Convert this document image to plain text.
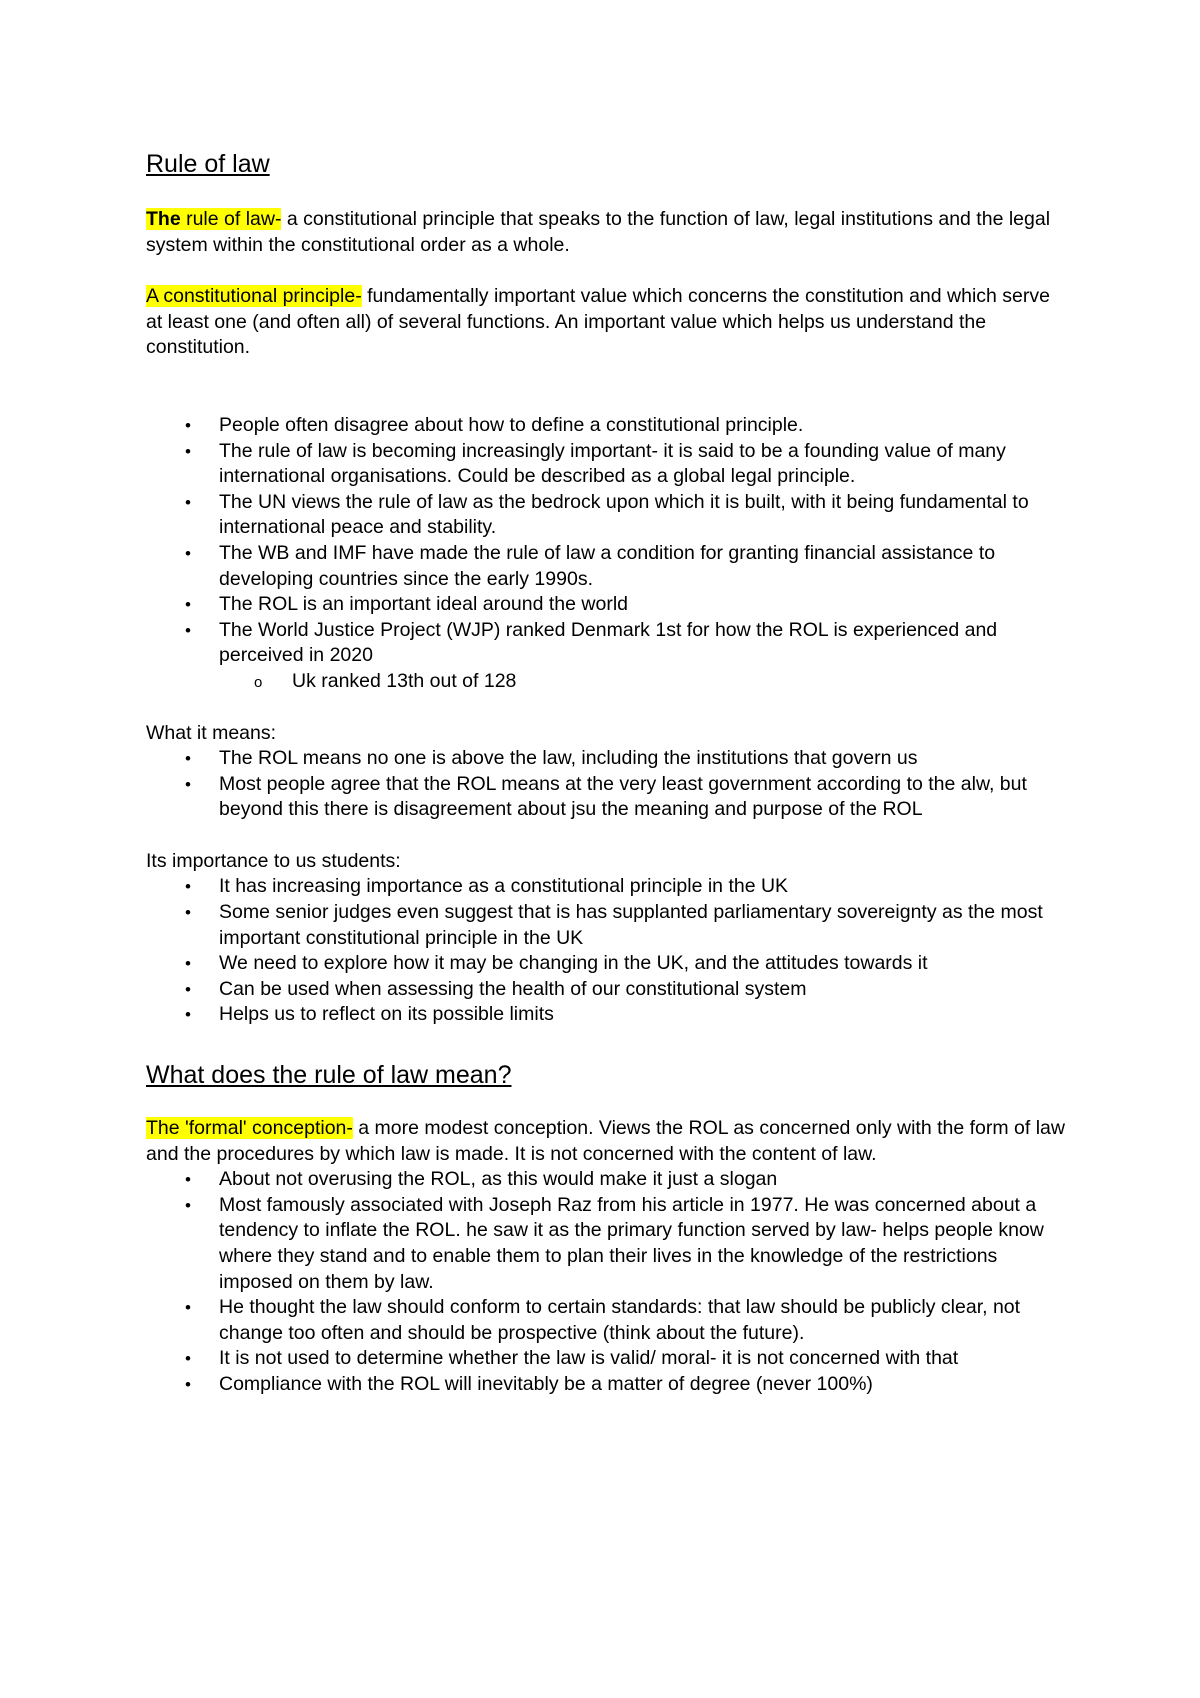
Rule of law

The rule of law- a constitutional principle that speaks to the function of law, legal institutions and the legal system within the constitutional order as a whole.

A constitutional principle- fundamentally important value which concerns the constitution and which serve at least one (and often all) of several functions. An important value which helps us understand the constitution.

• People often disagree about how to define a constitutional principle.
• The rule of law is becoming increasingly important- it is said to be a founding value of many international organisations. Could be described as a global legal principle.
• The UN views the rule of law as the bedrock upon which it is built, with it being fundamental to international peace and stability.
• The WB and IMF have made the rule of law a condition for granting financial assistance to developing countries since the early 1990s.
• The ROL is an important ideal around the world
• The World Justice Project (WJP) ranked Denmark 1st for how the ROL is experienced and perceived in 2020
o Uk ranked 13th out of 128

What it means:

• The ROL means no one is above the law, including the institutions that govern us
• Most people agree that the ROL means at the very least government according to the alw, but beyond this there is disagreement about jsu the meaning and purpose of the ROL

Its importance to us students:

• It has increasing importance as a constitutional principle in the UK
• Some senior judges even suggest that is has supplanted parliamentary sovereignty as the most important constitutional principle in the UK
• We need to explore how it may be changing in the UK, and the attitudes towards it
• Can be used when assessing the health of our constitutional system
• Helps us to reflect on its possible limits
What does the rule of law mean?

The 'formal' conception- a more modest conception. Views the ROL as concerned only with the form of law and the procedures by which law is made. It is not concerned with the content of law.

• About not overusing the ROL, as this would make it just a slogan
• Most famously associated with Joseph Raz from his article in 1977. He was concerned about a tendency to inflate the ROL. he saw it as the primary function served by law- helps people know where they stand and to enable them to plan their lives in the knowledge of the restrictions imposed on them by law.
• He thought the law should conform to certain standards: that law should be publicly clear, not change too often and should be prospective (think about the future).
• It is not used to determine whether the law is valid/ moral- it is not concerned with that
• Compliance with the ROL will inevitably be a matter of degree (never 100%)
